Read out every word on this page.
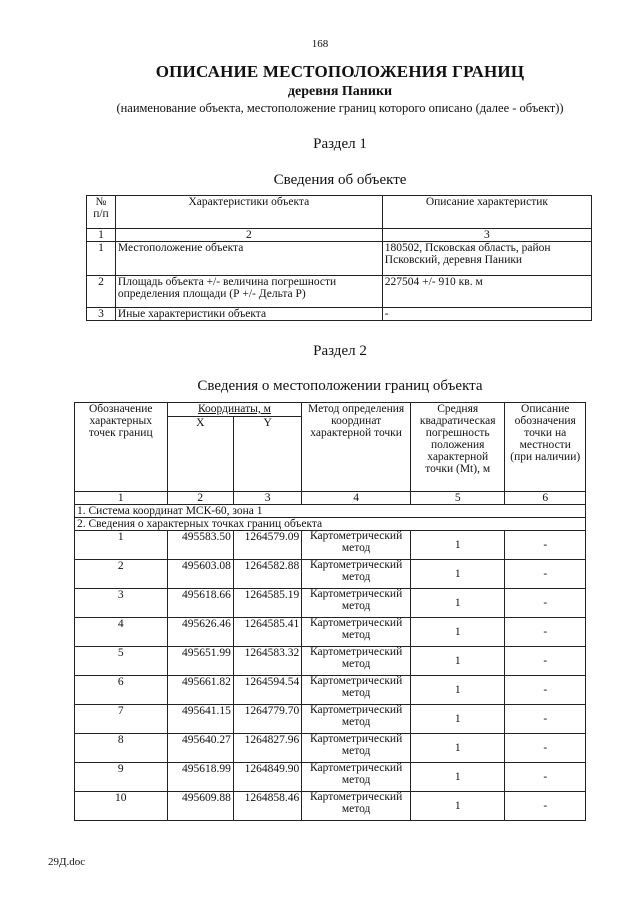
168
ОПИСАНИЕ МЕСТОПОЛОЖЕНИЯ ГРАНИЦ
деревня Паники
(наименование объекта, местоположение границ которого описано (далее - объект))
Раздел 1
Сведения об объекте
№
п/п	Характеристики объекта	Описание характеристик
1	2	3
1	Местоположение объекта	180502, Псковская область, район Псковский, деревня Паники
2	Площадь объекта +/- величина погрешности определения площади (Р +/- Дельта Р)	227504 +/- 910 кв. м
3	Иные характеристики объекта	-
Раздел 2
Сведения о местоположении границ объекта
Обозначение характерных точек границ	Координаты, м		Метод определения координат характерной точки	Средняя квадратическая погрешность положения характерной точки (Mt), м	Описание обозначения точки на местности (при наличии)
	X	Y			
1	2	3	4	5	6
1. Система координат МСК-60, зона 1					
2. Сведения о характерных точках границ объекта					
1	495583.50	1264579.09	Картометрический метод	1	-
2	495603.08	1264582.88	Картометрический метод	1	-
3	495618.66	1264585.19	Картометрический метод	1	-
4	495626.46	1264585.41	Картометрический метод	1	-
5	495651.99	1264583.32	Картометрический метод	1	-
6	495661.82	1264594.54	Картометрический метод	1	-
7	495641.15	1264779.70	Картометрический метод	1	-
8	495640.27	1264827.96	Картометрический метод	1	-
9	495618.99	1264849.90	Картометрический метод	1	-
10	495609.88	1264858.46	Картометрический метод	1	-
29Д.doc
